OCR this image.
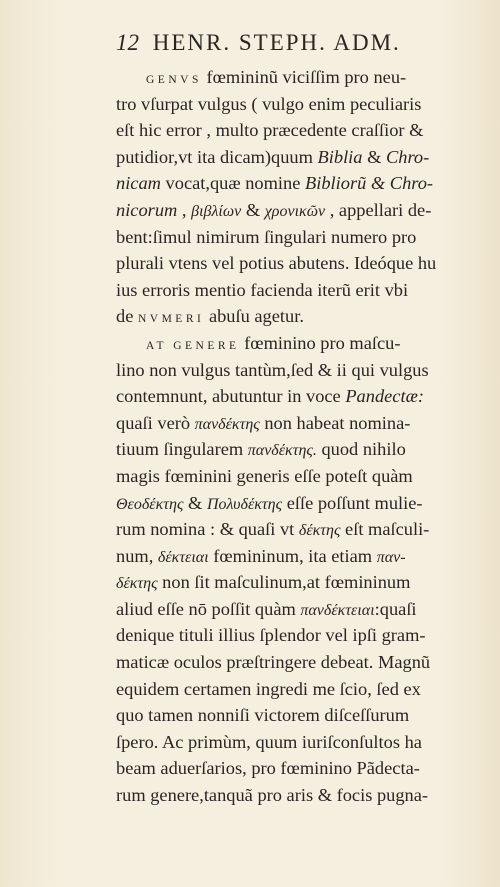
12 HENR. STEPH. ADM.
GENVS fœmininũ viciſſim pro neu-
tro vſurpat vulgus ( vulgo enim peculiaris
eſt hic error , multo præcedente craſſior &
putidior,vt ita dicam)quum Biblia & Chro-
nicam vocat,quæ nomine Bibliorũ & Chro-
nicorum , βιβλίων & χρονικῶν , appellari de-
bent:ſimul nimirum ſingulari numero pro
plurali vtens vel potius abutens. Ideóque hu
ius erroris mentio facienda iterũ erit vbi
de NVMERI abuſu agetur.
AT GENERE fœminino pro maſcu-
lino non vulgus tantùm,ſed & ii qui vulgus
contemnunt, abutuntur in voce Pandectæ:
quaſi verò πανδέκτης non habeat nomina-
tiuum ſingularem πανδέκτης. quod nihilo
magis fœminini generis eſſe poteſt quàm
Θεοδέκτης & Πολυδέκτης eſſe poſſunt mulie-
rum nomina : & quaſi vt δέκτης eſt maſculi-
num, δέκτειαι fœmininum, ita etiam παν-
δέκτης non ſit maſculinum,at fœmininum
aliud eſſe nō poſſit quàm πανδέκτειαι:quaſi
denique tituli illius ſplendor vel ipſi gram-
maticæ oculos præſtringere debeat. Magnũ
equidem certamen ingredi me ſcio, ſed ex
quo tamen nonniſi victorem diſceſſurum
ſpero. Ac primùm, quum iuriſconſultos ha
beam aduerſarios, pro fœminino Pãdecta-
rum genere,tanquã pro aris & focis pugna-
